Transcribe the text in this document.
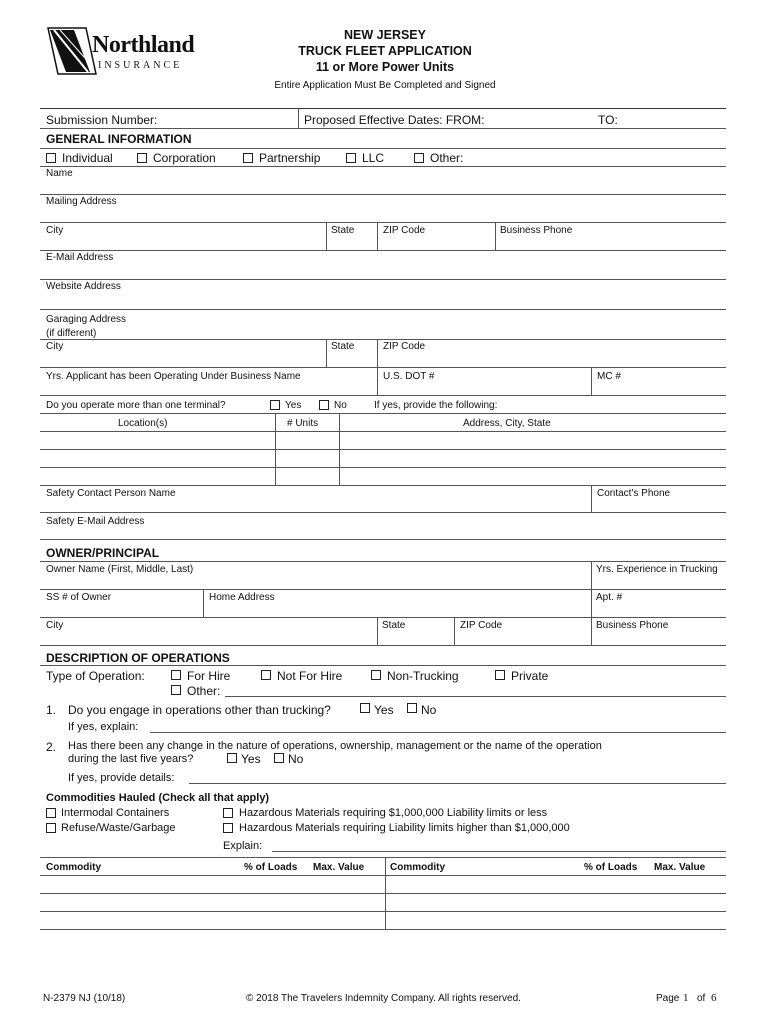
Northland
INSURANCE
NEW JERSEY
TRUCK FLEET APPLICATION
11 or More Power Units
Entire Application Must Be Completed and Signed
Submission Number:	Proposed Effective Dates: FROM:	TO:
GENERAL INFORMATION
Individual	Corporation	Partnership	LLC	Other:
Name
Mailing Address
City	State	ZIP Code	Business Phone
E-Mail Address
Website Address
Garaging Address
(if different)
City	State	ZIP Code
Yrs. Applicant has been Operating Under Business Name	U.S. DOT #	MC #
Do you operate more than one terminal?	Yes	No	If yes, provide the following:
Location(s)	# Units	Address, City, State
Safety Contact Person Name	Contact's Phone
Safety E-Mail Address
OWNER/PRINCIPAL
Owner Name (First, Middle, Last)	Yrs. Experience in Trucking
SS # of Owner	Home Address	Apt. #
City	State	ZIP Code	Business Phone
DESCRIPTION OF OPERATIONS
Type of Operation:	For Hire	Not For Hire	Non-Trucking	Private
Other:
1. Do you engage in operations other than trucking?	Yes No
If yes, explain:
2. Has there been any change in the nature of operations, ownership, management or the name of the operation
during the last five years?	Yes No
If yes, provide details:
Commodities Hauled (Check all that apply)
Intermodal Containers
Refuse/Waste/Garbage
Hazardous Materials requiring $1,000,000 Liability limits or less
Hazardous Materials requiring Liability limits higher than $1,000,000
Explain:
Commodity	% of Loads Max. Value	Commodity	% of Loads Max. Value
N-2379 NJ (10/18)	© 2018 The Travelers Indemnity Company. All rights reserved.	Page 1 of 6
